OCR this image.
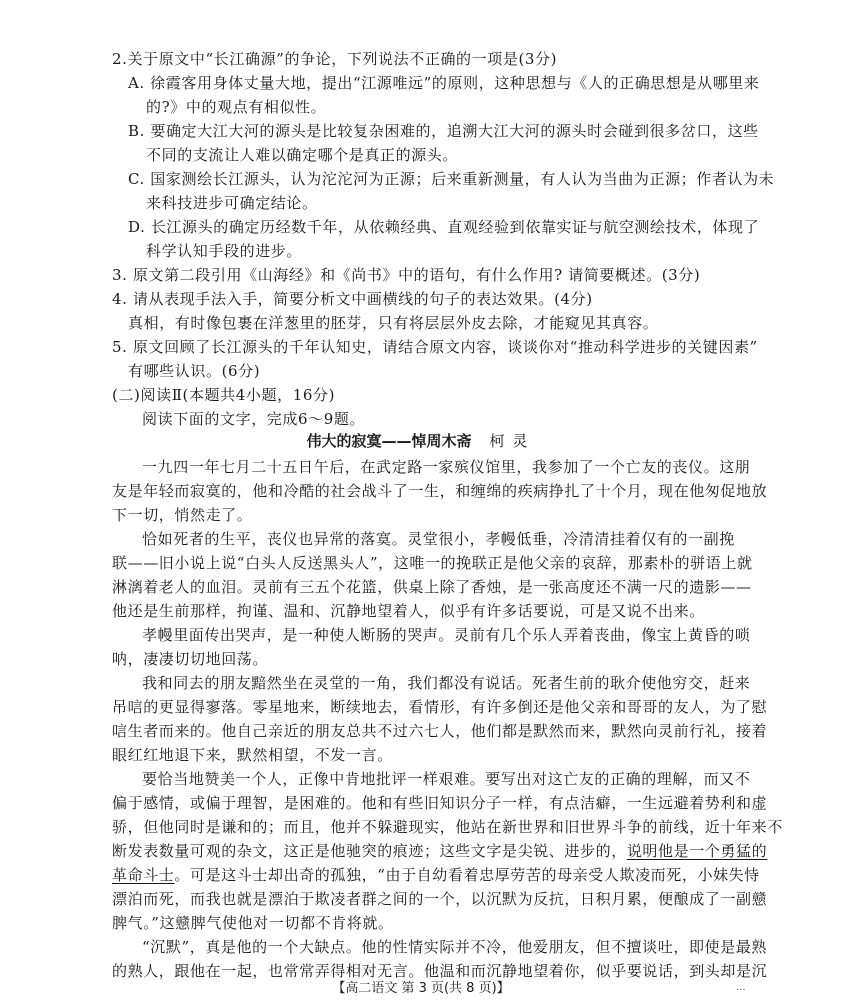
2.关于原文中“长江确源”的争论，下列说法不正确的一项是(3分)
A. 徐霞客用身体丈量大地，提出“江源唯远”的原则，这种思想与《人的正确思想是从哪里来
的?》中的观点有相似性。
B. 要确定大江大河的源头是比较复杂困难的，追溯大江大河的源头时会碰到很多岔口，这些
不同的支流让人难以确定哪个是真正的源头。
C. 国家测绘长江源头，认为沱沱河为正源；后来重新测量，有人认为当曲为正源；作者认为未
来科技进步可确定结论。
D. 长江源头的确定历经数千年，从依赖经典、直观经验到依靠实证与航空测绘技术，体现了
科学认知手段的进步。
3. 原文第二段引用《山海经》和《尚书》中的语句，有什么作用? 请简要概述。(3分)
4. 请从表现手法入手，简要分析文中画横线的句子的表达效果。(4分)
真相，有时像包裹在洋葱里的胚芽，只有将层层外皮去除，才能窥见其真容。
5. 原文回顾了长江源头的千年认知史，请结合原文内容，谈谈你对“推动科学进步的关键因素”
有哪些认识。(6分)
(二)阅读Ⅱ(本题共4小题，16分)
阅读下面的文字，完成6～9题。
伟大的寂寞——悼周木斋 柯灵
一九四一年七月二十五日午后，在武定路一家殡仪馆里，我参加了一个亡友的丧仪。这朋
友是年轻而寂寞的，他和冷酷的社会战斗了一生，和缠绵的疾病挣扎了十个月，现在他匆促地放
下一切，悄然走了。
恰如死者的生平，丧仪也异常的落寞。灵堂很小，孝幔低垂，冷清清挂着仅有的一副挽
联——旧小说上说“白头人反送黑头人”，这唯一的挽联正是他父亲的哀辞，那素朴的骈语上就
淋漓着老人的血泪。灵前有三五个花篮，供桌上除了香烛，是一张高度还不满一尺的遗影——
他还是生前那样，拘谨、温和、沉静地望着人，似乎有许多话要说，可是又说不出来。
孝幔里面传出哭声，是一种使人断肠的哭声。灵前有几个乐人弄着丧曲，像宝上黄昏的唢
呐，凄凄切切地回荡。
我和同去的朋友黯然坐在灵堂的一角，我们都没有说话。死者生前的耿介使他穷交，赶来
吊唁的更显得寥落。零星地来，断续地去，看情形，有许多倒还是他父亲和哥哥的友人，为了慰
唁生者而来的。他自己亲近的朋友总共不过六七人，他们都是默然而来，默然向灵前行礼，接着
眼红红地退下来，默然相望，不发一言。
要恰当地赞美一个人，正像中肯地批评一样艰难。要写出对这亡友的正确的理解，而又不
偏于感情，或偏于理智，是困难的。他和有些旧知识分子一样，有点洁癖，一生远避着势利和虚
骄，但他同时是谦和的；而且，他并不躲避现实，他站在新世界和旧世界斗争的前线，近十年来不
断发表数量可观的杂文，这正是他驰突的痕迹；这些文字是尖锐、进步的，说明他是一个勇猛的
革命斗士。可是这斗士却出奇的孤独，“由于自幼看着忠厚劳苦的母亲受人欺凌而死，小妹失恃
漂泊而死，而我也就是漂泊于欺凌者群之间的一个，以沉默为反抗，日积月累，便酿成了一副戆
脾气。”这戆脾气使他对一切都不肯将就。
“沉默”，真是他的一个大缺点。他的性情实际并不冷，他爱朋友，但不擅谈吐，即使是最熟
的熟人，跟他在一起，也常常弄得相对无言。他温和而沉静地望着你，似乎要说话，到头却是沉
【高二语文 第 3 页(共 8 页)】	...
